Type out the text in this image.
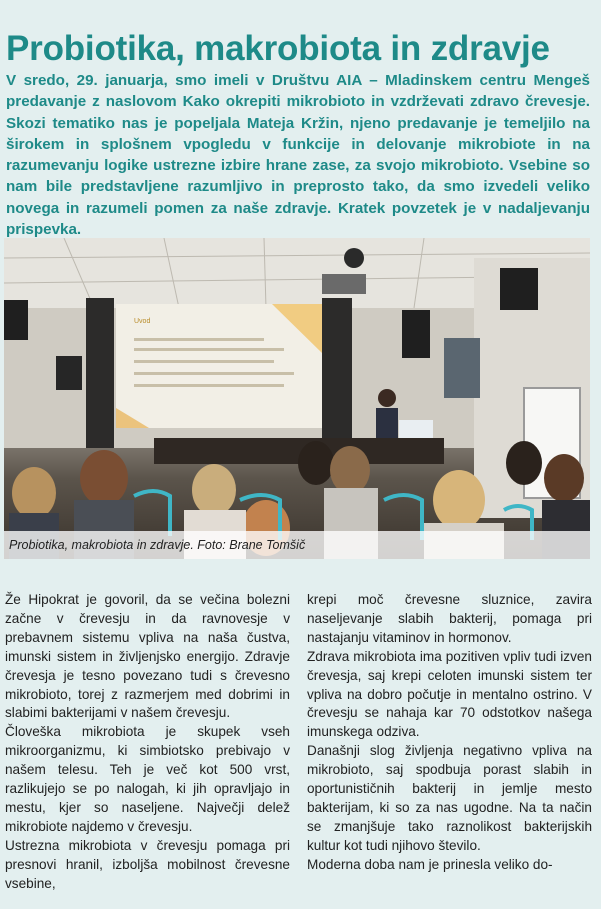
Probiotika, makrobiota in zdravje

V sredo, 29. januarja, smo imeli v Društvu AIA – Mladinskem centru Mengeš predavanje z naslovom Kako okrepiti mikrobioto in vzdrževati zdravo črevesje. Skozi tematiko nas je popeljala Mateja Kržin, njeno predavanje je temeljilo na širokem in splošnem vpogledu v funkcije in delovanje mikrobiote in na razumevanju logike ustrezne izbire hrane zase, za svojo mikrobioto. Vsebine so nam bile predstavljene razumljivo in preprosto tako, da smo izvedeli veliko novega in razumeli pomen za naše zdravje. Kratek povzetek je v nadaljevanju prispevka.

Probiotika, makrobiota in zdravje. Foto: Brane Tomšič

Že Hipokrat je govoril, da se večina bolezni začne v črevesju in da ravnovesje v prebavnem sistemu vpliva na naša čustva, imunski sistem in življenjsko energijo. Zdravje črevesja je tesno povezano tudi s črevesno mikrobioto, torej z razmerjem med dobrimi in slabimi bakterijami v našem črevesju.

Človeška mikrobiota je skupek vseh mikroorganizmu, ki simbiotsko prebivajo v našem telesu. Teh je več kot 500 vrst, razlikujejo se po nalogah, ki jih opravljajo in mestu, kjer so naseljene. Največji delež mikrobiote najdemo v črevesju.

Ustrezna mikrobiota v črevesju pomaga pri presnovi hranil, izboljša mobilnost črevesne vsebine,

krepi moč črevesne sluznice, zavira naseljevanje slabih bakterij, pomaga pri nastajanju vitaminov in hormonov.

Zdrava mikrobiota ima pozitiven vpliv tudi izven črevesja, saj krepi celoten imunski sistem ter vpliva na dobro počutje in mentalno ostrino. V črevesju se nahaja kar 70 odstotkov našega imunskega odziva.

Današnji slog življenja negativno vpliva na mikrobioto, saj spodbuja porast slabih in oportunističnih bakterij in jemlje mesto bakterijam, ki so za nas ugodne. Na ta način se zmanjšuje tako raznolikost bakterijskih kultur kot tudi njihovo število.

Moderna doba nam je prinesla veliko do-

Uvod
